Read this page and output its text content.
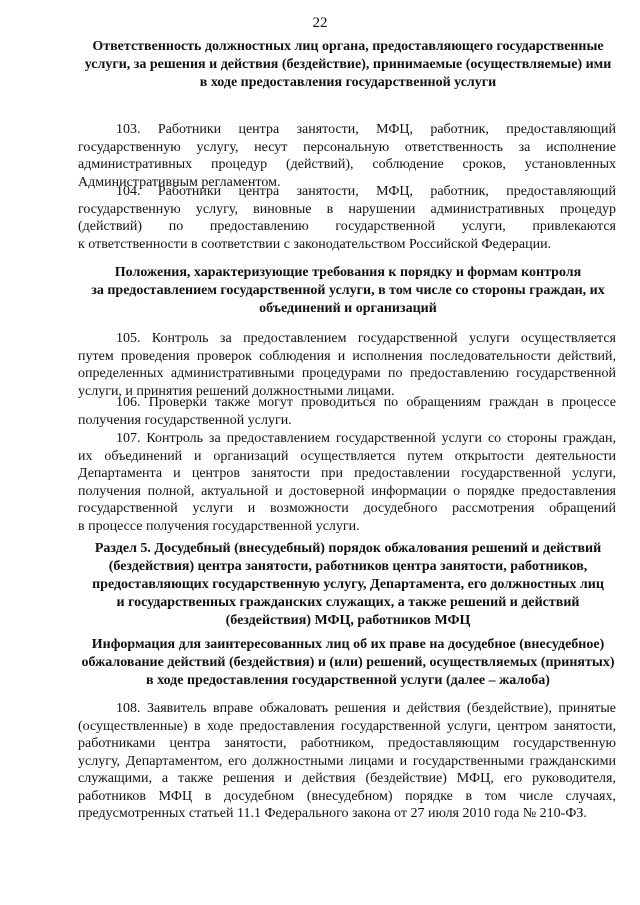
22
Ответственность должностных лиц органа, предоставляющего государственные
услуги, за решения и действия (бездействие), принимаемые (осуществляемые) ими
в ходе предоставления государственной услуги
103. Работники центра занятости, МФЦ, работник, предоставляющий
государственную услугу, несут персональную ответственность за исполнение
административных процедур (действий), соблюдение сроков, установленных
Административным регламентом.
104. Работники центра занятости, МФЦ, работник, предоставляющий
государственную услугу, виновные в нарушении административных процедур
(действий) по предоставлению государственной услуги, привлекаются
к ответственности в соответствии с законодательством Российской Федерации.
Положения, характеризующие требования к порядку и формам контроля
за предоставлением государственной услуги, в том числе со стороны граждан, их
объединений и организаций
105. Контроль за предоставлением государственной услуги осуществляется
путем проведения проверок соблюдения и исполнения последовательности действий,
определенных административными процедурами по предоставлению государственной
услуги, и принятия решений должностными лицами.
106. Проверки также могут проводиться по обращениям граждан в процессе
получения государственной услуги.
107. Контроль за предоставлением государственной услуги со стороны граждан,
их объединений и организаций осуществляется путем открытости деятельности
Департамента и центров занятости при предоставлении государственной услуги,
получения полной, актуальной и достоверной информации о порядке предоставления
государственной услуги и возможности досудебного рассмотрения обращений
в процессе получения государственной услуги.
Раздел 5. Досудебный (внесудебный) порядок обжалования решений и действий
(бездействия) центра занятости, работников центра занятости, работников,
предоставляющих государственную услугу, Департамента, его должностных лиц
и государственных гражданских служащих, а также решений и действий
(бездействия) МФЦ, работников МФЦ
Информация для заинтересованных лиц об их праве на досудебное (внесудебное)
обжалование действий (бездействия) и (или) решений, осуществляемых (принятых)
в ходе предоставления государственной услуги (далее – жалоба)
108. Заявитель вправе обжаловать решения и действия (бездействие), принятые
(осуществленные) в ходе предоставления государственной услуги, центром занятости,
работниками центра занятости, работником, предоставляющим государственную
услугу, Департаментом, его должностными лицами и государственными гражданскими
служащими, а также решения и действия (бездействие) МФЦ, его руководителя,
работников МФЦ в досудебном (внесудебном) порядке в том числе случаях,
предусмотренных статьей 11.1 Федерального закона от 27 июля 2010 года № 210-ФЗ.
